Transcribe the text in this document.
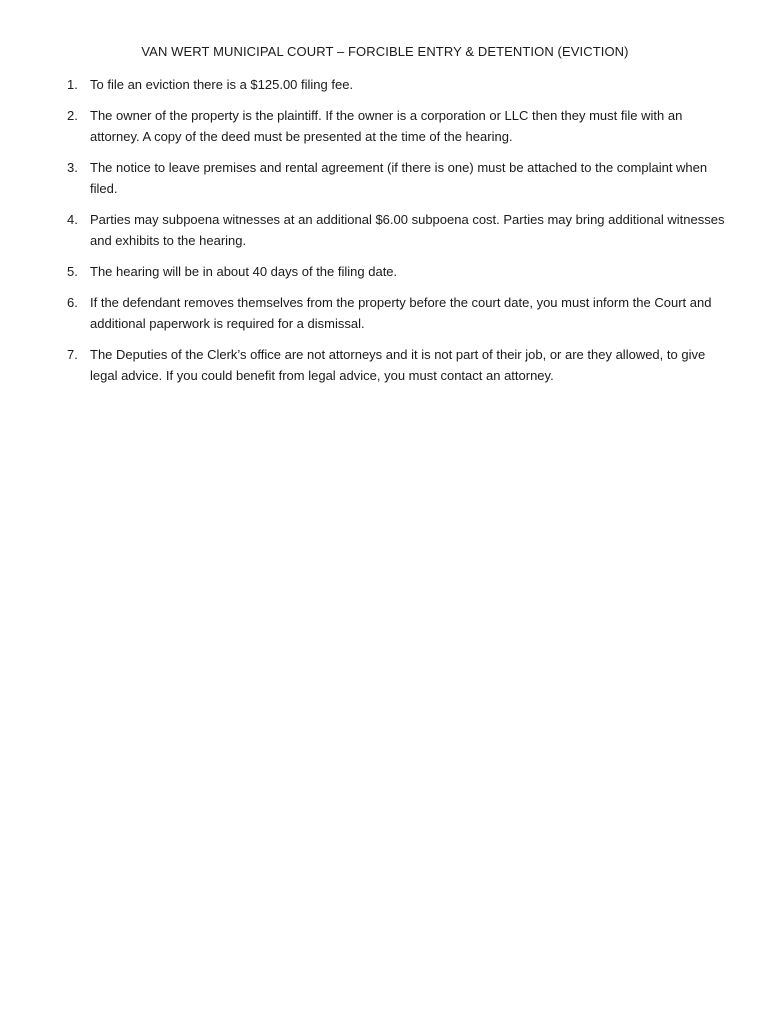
VAN WERT MUNICIPAL COURT – FORCIBLE ENTRY & DETENTION (EVICTION)
1. To file an eviction there is a $125.00 filing fee.
2. The owner of the property is the plaintiff. If the owner is a corporation or LLC then they must file with an attorney. A copy of the deed must be presented at the time of the hearing.
3. The notice to leave premises and rental agreement (if there is one) must be attached to the complaint when filed.
4. Parties may subpoena witnesses at an additional $6.00 subpoena cost. Parties may bring additional witnesses and exhibits to the hearing.
5. The hearing will be in about 40 days of the filing date.
6. If the defendant removes themselves from the property before the court date, you must inform the Court and additional paperwork is required for a dismissal.
7. The Deputies of the Clerk’s office are not attorneys and it is not part of their job, or are they allowed, to give legal advice. If you could benefit from legal advice, you must contact an attorney.
